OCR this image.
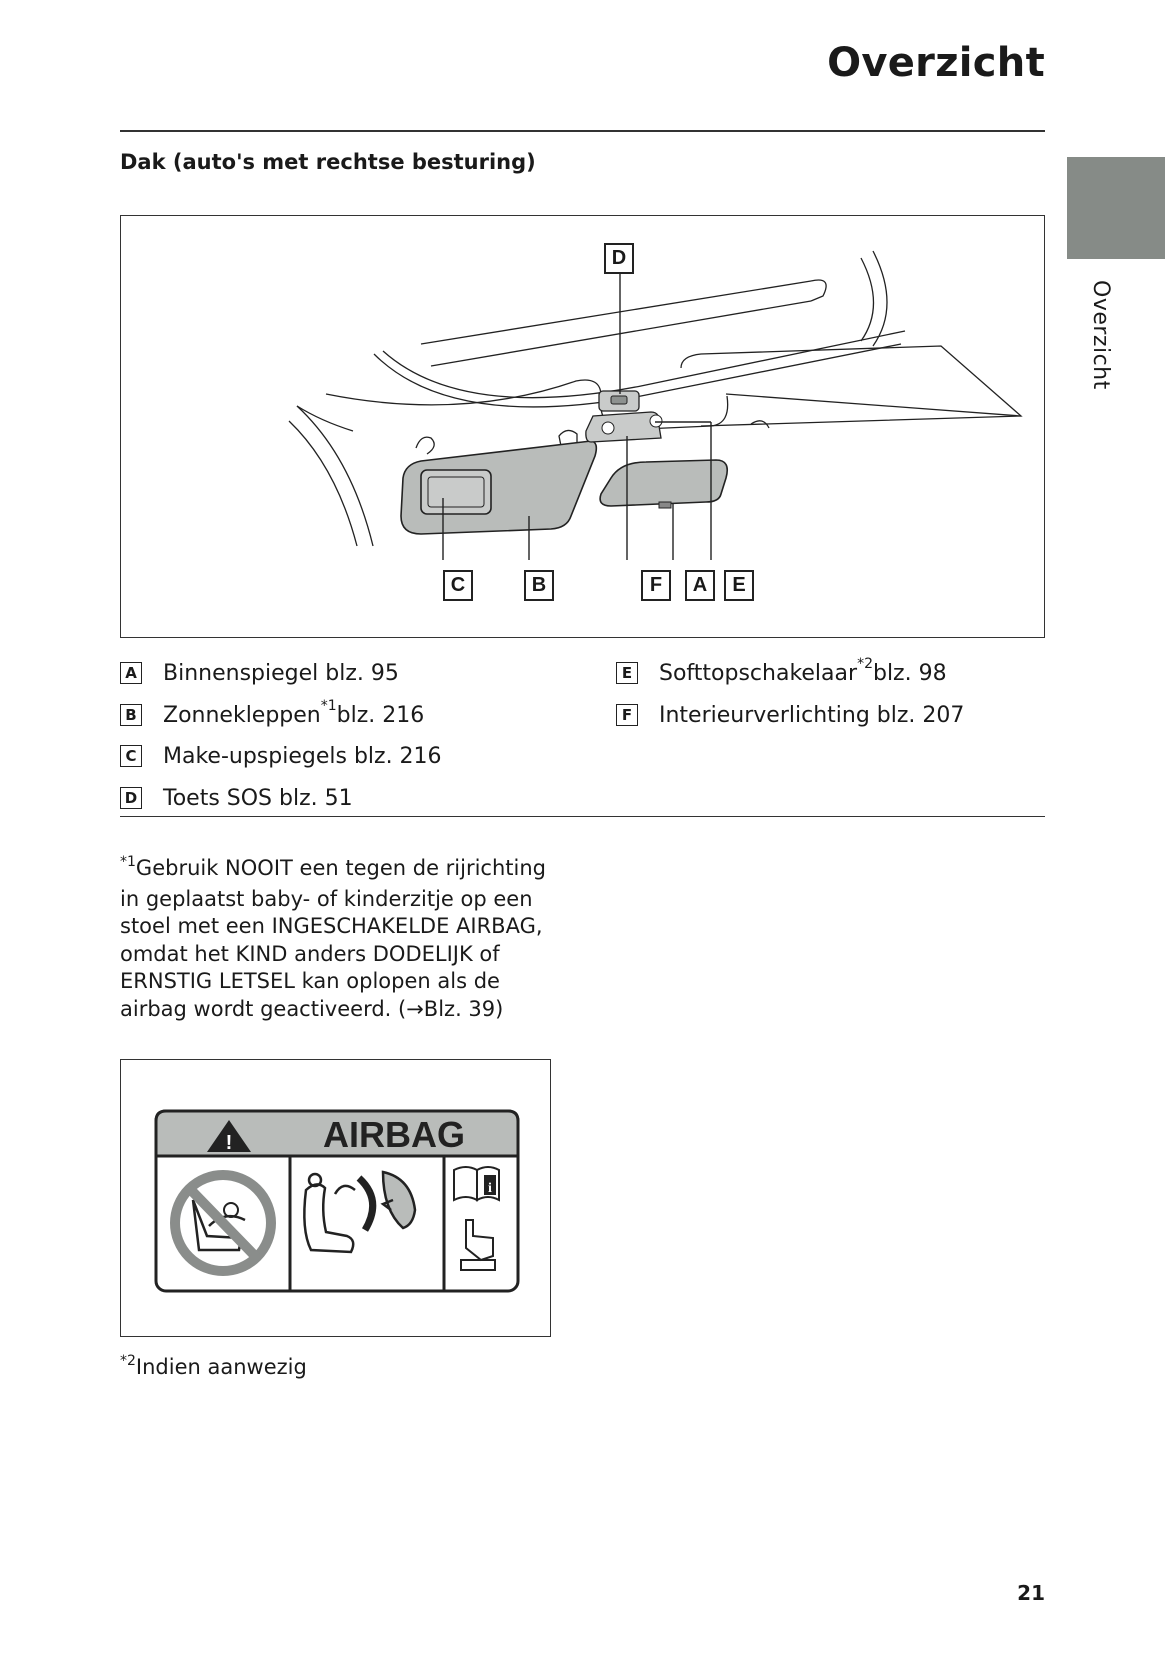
Overzicht
Overzicht
Dak (auto's met rechtse besturing)
D
C	B	F	A	E
A Binnenspiegel blz. 95
B Zonnekleppen *1 blz. 216
C Make-upspiegels blz. 216
D Toets SOS blz. 51
E Softtopschakelaar *2 blz. 98
F Interieurverlichting blz. 207
$^{*1}$Gebruik NOOIT een tegen de rijrichting
in geplaatst baby- of kinderzitje op een
stoel met een INGESCHAKELDE AIRBAG,
omdat het KIND anders DODELIJK of
ERNSTIG LETSEL kan oplopen als de
airbag wordt geactiveerd. (→Blz. 39)
!	AIRBAG
i
$^{*2}$Indien aanwezig
21
